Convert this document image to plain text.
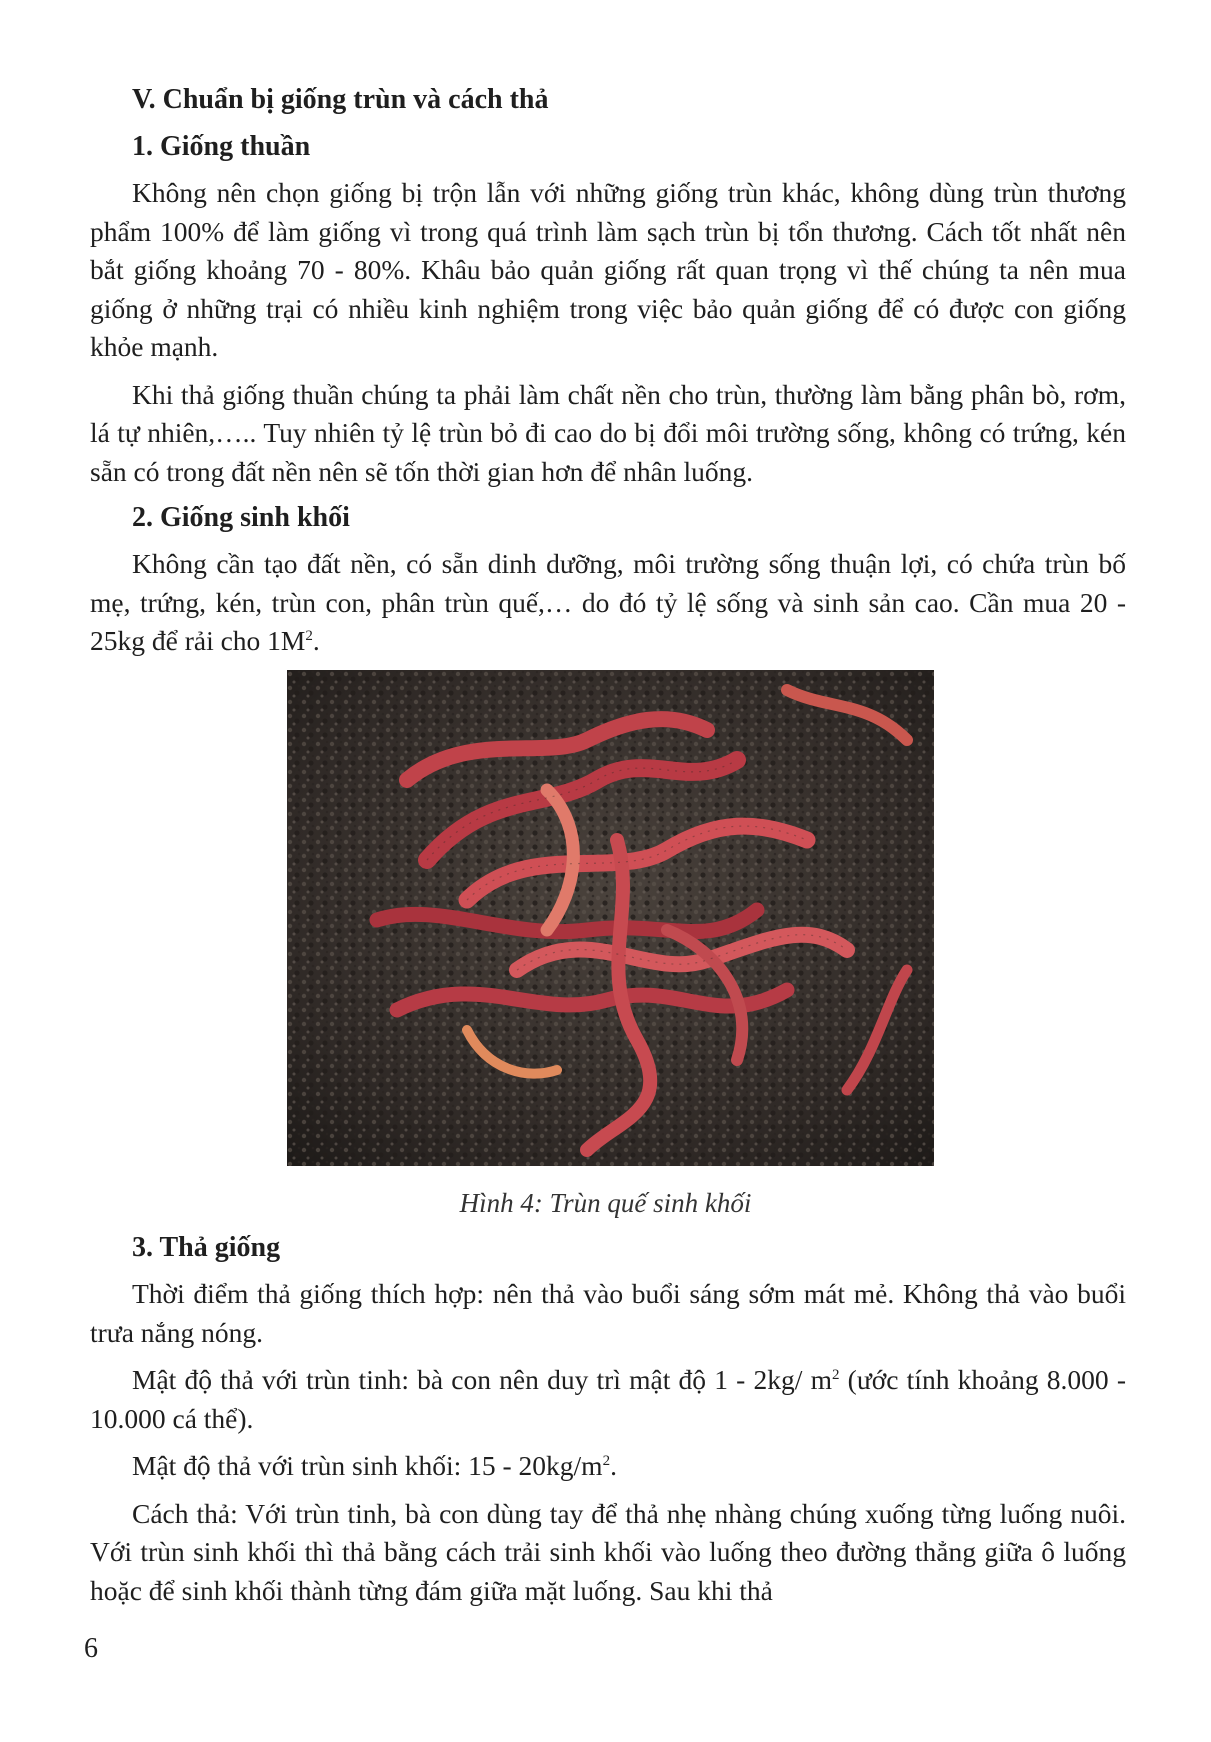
V. Chuẩn bị giống trùn và cách thả
1. Giống thuần

Không nên chọn giống bị trộn lẫn với những giống trùn khác, không dùng trùn thương phẩm 100% để làm giống vì trong quá trình làm sạch trùn bị tổn thương. Cách tốt nhất nên bắt giống khoảng 70 - 80%. Khâu bảo quản giống rất quan trọng vì thế chúng ta nên mua giống ở những trại có nhiều kinh nghiệm trong việc bảo quản giống để có được con giống khỏe mạnh.

Khi thả giống thuần chúng ta phải làm chất nền cho trùn, thường làm bằng phân bò, rơm, lá tự nhiên,….. Tuy nhiên tỷ lệ trùn bỏ đi cao do bị đổi môi trường sống, không có trứng, kén sẵn có trong đất nền nên sẽ tốn thời gian hơn để nhân luống.

2. Giống sinh khối

Không cần tạo đất nền, có sẵn dinh dưỡng, môi trường sống thuận lợi, có chứa trùn bố mẹ, trứng, kén, trùn con, phân trùn quế,… do đó tỷ lệ sống và sinh sản cao. Cần mua 20 - 25kg để rải cho $1M^2$.

Hình 4: Trùn quế sinh khối
3. Thả giống

Thời điểm thả giống thích hợp: nên thả vào buổi sáng sớm mát mẻ. Không thả vào buổi trưa nắng nóng.

Mật độ thả với trùn tinh: bà con nên duy trì mật độ 1 - 2kg/ $m^2$ (ước tính khoảng 8.000 - 10.000 cá thể).

Mật độ thả với trùn sinh khối: $15 - 20kg/m^2$.

Cách thả: Với trùn tinh, bà con dùng tay để thả nhẹ nhàng chúng xuống từng luống nuôi. Với trùn sinh khối thì thả bằng cách trải sinh khối vào luống theo đường thẳng giữa ô luống hoặc để sinh khối thành từng đám giữa mặt luống. Sau khi thả

6
